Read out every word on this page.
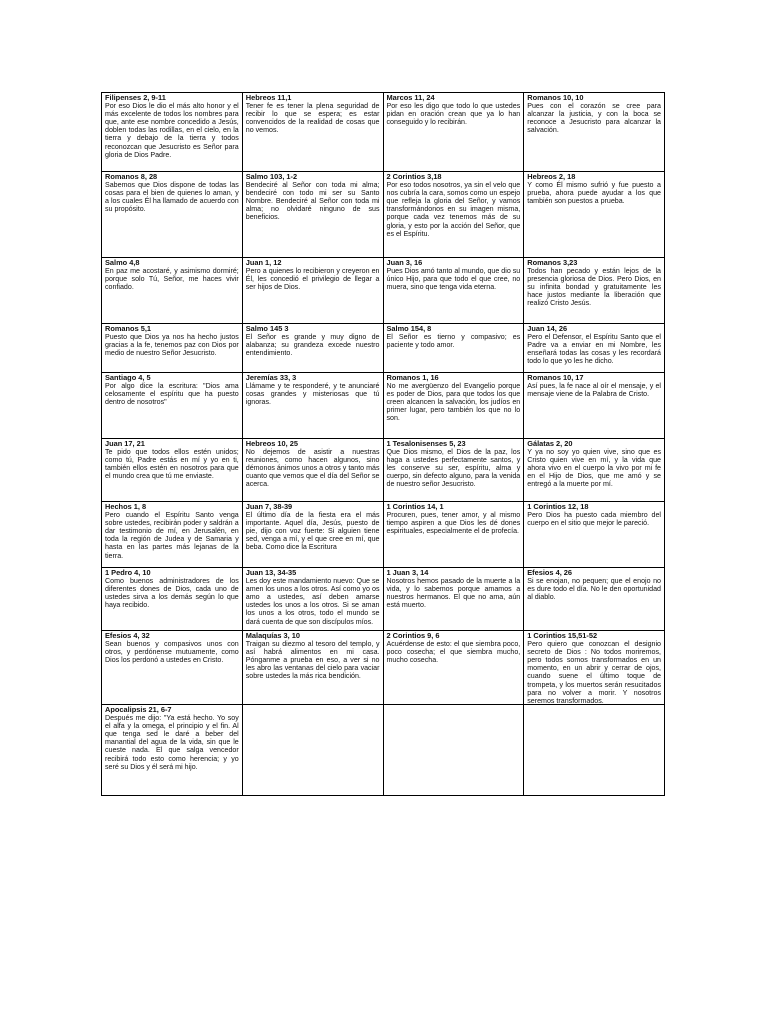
Filipenses 2, 9-11
Por eso Dios le dio el más alto honor y el más excelente de todos los nombres para que, ante ese nombre concedido a Jesús, doblen todas las rodillas, en el cielo, en la tierra y debajo de la tierra y todos reconozcan que Jesucristo es Señor para gloria de Dios Padre.
Hebreos 11,1
Tener fe es tener la plena seguridad de recibir lo que se espera; es estar convencidos de la realidad de cosas que no vemos.
Marcos 11, 24
Por eso les digo que todo lo que ustedes pidan en oración crean que ya lo han conseguido y lo recibirán.
Romanos 10, 10
Pues con el corazón se cree para alcanzar la justicia, y con la boca se reconoce a Jesucristo para alcanzar la salvación.
Romanos 8, 28
Sabemos que Dios dispone de todas las cosas para el bien de quienes lo aman, y a los cuales Él ha llamado de acuerdo con su propósito.
Salmo 103, 1-2
Bendeciré al Señor con toda mi alma; bendeciré con todo mi ser su Santo Nombre. Bendeciré al Señor con toda mi alma; no olvidaré ninguno de sus beneficios.
2 Corintios 3,18
Por eso todos nosotros, ya sin el velo que nos cubría la cara, somos como un espejo que refleja la gloria del Señor, y vamos transformándonos en su imagen misma, porque cada vez tenemos más de su gloria, y esto por la acción del Señor, que es el Espíritu.
Hebreos 2, 18
Y como Él mismo sufrió y fue puesto a prueba, ahora puede ayudar a los que también son puestos a prueba.
Salmo 4,8
En paz me acostaré, y asimismo dormiré; porque solo Tú, Señor, me haces vivir confiado.
Juan 1, 12
Pero a quienes lo recibieron y creyeron en Él, les concedió el privilegio de llegar a ser hijos de Dios.
Juan 3, 16
Pues Dios amó tanto al mundo, que dio su único Hijo, para que todo el que cree, no muera, sino que tenga vida eterna.
Romanos 3,23
Todos han pecado y están lejos de la presencia gloriosa de Dios. Pero Dios, en su infinita bondad y gratuitamente les hace justos mediante la liberación que realizó Cristo Jesús.
Romanos 5,1
Puesto que Dios ya nos ha hecho justos gracias a la fe, tenemos paz con Dios por medio de nuestro Señor Jesucristo.
Salmo 145 3
El Señor es grande y muy digno de alabanza; su grandeza excede nuestro entendimiento.
Salmo 154, 8
El Señor es tierno y compasivo; es paciente y todo amor.
Juan 14, 26
Pero el Defensor, el Espíritu Santo que el Padre va a enviar en mi Nombre, les enseñará todas las cosas y les recordará todo lo que yo les he dicho.
Santiago 4, 5
Por algo dice la escritura: "Dios ama celosamente el espíritu que ha puesto dentro de nosotros"
Jeremías 33, 3
Llámame y te responderé, y te anunciaré cosas grandes y misteriosas que tú ignoras.
Romanos 1, 16
No me avergüenzo del Evangelio porque es poder de Dios, para que todos los que creen alcancen la salvación, los judíos en primer lugar, pero también los que no lo son.
Romanos 10, 17
Así pues, la fe nace al oír el mensaje, y el mensaje viene de la Palabra de Cristo.
Juan 17, 21
Te pido que todos ellos estén unidos; como tú, Padre estás en mí y yo en ti, también ellos estén en nosotros para que el mundo crea que tú me enviaste.
Hebreos 10, 25
No dejemos de asistir a nuestras reuniones, como hacen algunos, sino démonos ánimos unos a otros y tanto más cuanto que vemos que el día del Señor se acerca.
1 Tesalonisenses 5, 23
Que Dios mismo, el Dios de la paz, los haga a ustedes perfectamente santos, y les conserve su ser, espíritu, alma y cuerpo, sin defecto alguno, para la venida de nuestro señor Jesucristo.
Gálatas 2, 20
Y ya no soy yo quien vive, sino que es Cristo quien vive en mí, y la vida que ahora vivo en el cuerpo la vivo por mi fe en el Hijo de Dios, que me amó y se entregó a la muerte por mí.
Hechos 1, 8
Pero cuando el Espíritu Santo venga sobre ustedes, recibirán poder y saldrán a dar testimonio de mí, en Jerusalén, en toda la región de Judea y de Samaria y hasta en las partes más lejanas de la tierra.
Juan 7, 38-39
El último día de la fiesta era el más importante. Aquel día, Jesús, puesto de pie, dijo con voz fuerte: Si alguien tiene sed, venga a mí, y el que cree en mí, que beba. Como dice la Escritura
1 Corintios 14, 1
Procuren, pues, tener amor, y al mismo tiempo aspiren a que Dios les dé dones espirituales, especialmente el de profecía.
1 Corintios 12, 18
Pero Dios ha puesto cada miembro del cuerpo en el sitio que mejor le pareció.
1 Pedro 4, 10
Como buenos administradores de los diferentes dones de Dios, cada uno de ustedes sirva a los demás según lo que haya recibido.
Juan 13, 34-35
Les doy este mandamiento nuevo: Que se amen los unos a los otros. Así como yo os amo a ustedes, así deben amarse ustedes los unos a los otros. Si se aman los unos a los otros, todo el mundo se dará cuenta de que son discípulos míos.
1 Juan 3, 14
Nosotros hemos pasado de la muerte a la vida, y lo sabemos porque amamos a nuestros hermanos. El que no ama, aún está muerto.
Efesios 4, 26
Si se enojan, no pequen; que el enojo no es dure todo el día. No le den oportunidad al diablo.
Efesios 4, 32
Sean buenos y compasivos unos con otros, y perdónense mutuamente, como Dios los perdonó a ustedes en Cristo.
Malaquías 3, 10
Traigan su diezmo al tesoro del templo, y así habrá alimentos en mi casa. Pónganme a prueba en eso, a ver si no les abro las ventanas del cielo para vaciar sobre ustedes la más rica bendición.
2 Corintios 9, 6
Acuérdense de esto: el que siembra poco, poco cosecha; el que siembra mucho, mucho cosecha.
1 Corintios 15,51-52
Pero quiero que conozcan el designio secreto de Dios : No todos moriremos, pero todos somos transformados en un momento, en un abrir y cerrar de ojos, cuando suene el último toque de trompeta, y los muertos serán resucitados para no volver a morir. Y nosotros seremos transformados.
Apocalipsis 21, 6-7
Después me dijo: "Ya está hecho. Yo soy el alfa y la omega, el principio y el fin. Al que tenga sed le daré a beber del manantial del agua de la vida, sin que le cueste nada. El que salga vencedor recibirá todo esto como herencia; y yo seré su Dios y él será mi hijo.
